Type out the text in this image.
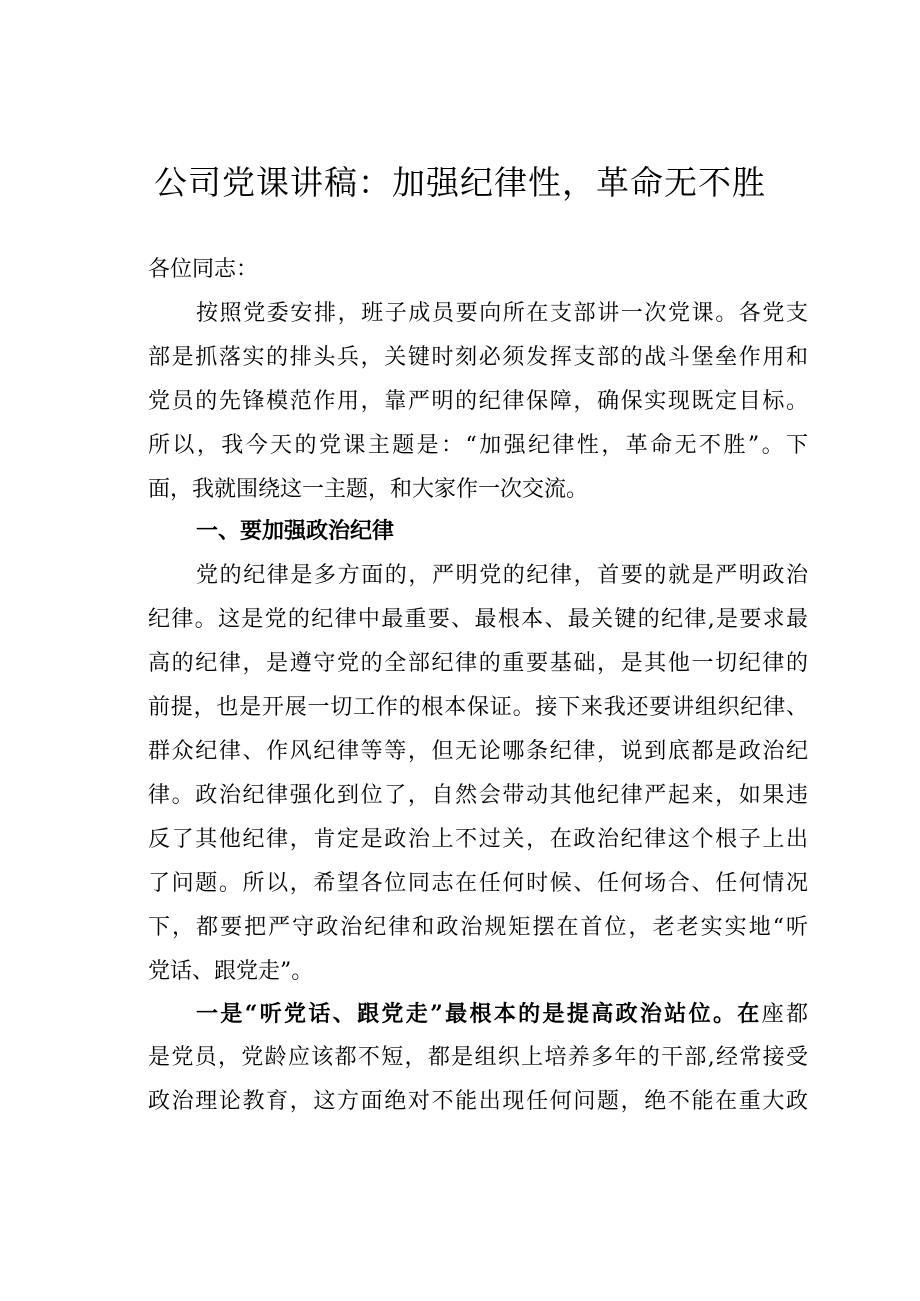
公司党课讲稿：加强纪律性，革命无不胜
各位同志：
按照党委安排，班子成员要向所在支部讲一次党课。各党支
部是抓落实的排头兵，关键时刻必须发挥支部的战斗堡垒作用和
党员的先锋模范作用，靠严明的纪律保障，确保实现既定目标。
所以，我今天的党课主题是：“加强纪律性，革命无不胜”。下
面，我就围绕这一主题，和大家作一次交流。
一、要加强政治纪律
党的纪律是多方面的，严明党的纪律，首要的就是严明政治
纪律。这是党的纪律中最重要、最根本、最关键的纪律,是要求最
高的纪律，是遵守党的全部纪律的重要基础，是其他一切纪律的
前提，也是开展一切工作的根本保证。接下来我还要讲组织纪律、
群众纪律、作风纪律等等，但无论哪条纪律，说到底都是政治纪
律。政治纪律强化到位了，自然会带动其他纪律严起来，如果违
反了其他纪律，肯定是政治上不过关，在政治纪律这个根子上出
了问题。所以，希望各位同志在任何时候、任何场合、任何情况
下，都要把严守政治纪律和政治规矩摆在首位，老老实实地“听
党话、跟党走”。
一是“听党话、跟党走”最根本的是提高政治站位。在座都
是党员，党龄应该都不短，都是组织上培养多年的干部,经常接受
政治理论教育，这方面绝对不能出现任何问题，绝不能在重大政
